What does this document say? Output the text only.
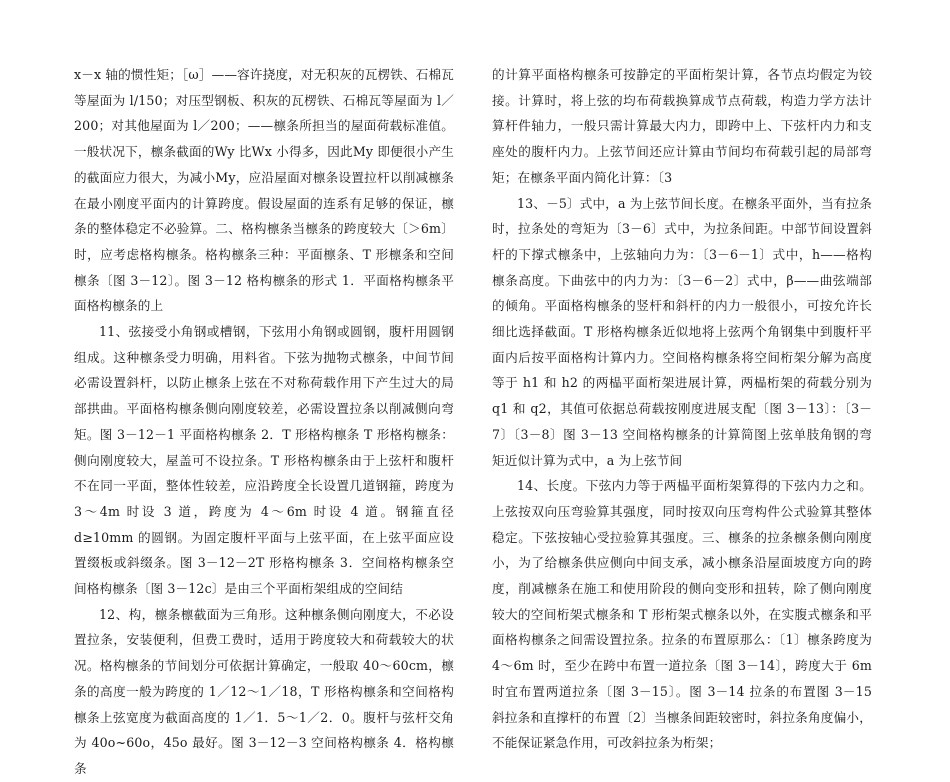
x－x 轴的惯性矩；［ω］——容许挠度，对无积灰的瓦楞铁、石棉瓦等屋面为 l/150；对压型钢板、积灰的瓦楞铁、石棉瓦等屋面为 l／200；对其他屋面为 l／200；——檩条所担当的屋面荷载标准值。一般状况下，檩条截面的Wy 比Wx 小得多，因此My 即便很小产生的截面应力很大，为减小My，应沿屋面对檩条设置拉杆以削减檩条在最小刚度平面内的计算跨度。假设屋面的连系有足够的保证，檩条的整体稳定不必验算。二、格构檩条当檩条的跨度较大〔＞6m〕时，应考虑格构檩条。格构檩条三种：平面檩条、T 形檩条和空间檩条〔图 3－12〕。图 3－12 格构檩条的形式 1．平面格构檩条平面格构檩条的上

11、弦接受小角钢或槽钢，下弦用小角钢或圆钢，腹杆用圆钢组成。这种檩条受力明确，用料省。下弦为抛物式檩条，中间节间必需设置斜杆，以防止檩条上弦在不对称荷载作用下产生过大的局部拱曲。平面格构檩条侧向刚度较差，必需设置拉条以削减侧向弯矩。图 3－12－1 平面格构檩条 2．T 形格构檩条 T 形格构檩条：侧向刚度较大，屋盖可不设拉条。T 形格构檩条由于上弦杆和腹杆不在同一平面，整体性较差，应沿跨度全长设置几道钢箍，跨度为 3～4m 时设 3 道，跨度为 4～6m 时设 4 道。钢箍直径 d≥10mm 的圆钢。为固定腹杆平面与上弦平面，在上弦平面应设置缀板或斜缀条。图 3－12－2T 形格构檩条 3．空间格构檩条空间格构檩条〔图 3－12c〕是由三个平面桁架组成的空间结

12、构，檩条檩截面为三角形。这种檩条侧向刚度大，不必设置拉条，安装便利，但费工费时，适用于跨度较大和荷载较大的状况。格构檩条的节间划分可依据计算确定，一般取 40～60cm，檩条的高度一般为跨度的 1／12～1／18，T 形格构檩条和空间格构檩条上弦宽度为截面高度的 1／1．5～1／2．0。腹杆与弦杆交角为 40o~60o，45o 最好。图 3－12－3 空间格构檩条 4．格构檩条

的计算平面格构檩条可按静定的平面桁架计算，各节点均假定为铰接。计算时，将上弦的均布荷载换算成节点荷载，构造力学方法计算杆件轴力，一般只需计算最大内力，即跨中上、下弦杆内力和支座处的腹杆内力。上弦节间还应计算由节间均布荷载引起的局部弯矩；在檩条平面内简化计算：〔3

13、－5〕式中，a 为上弦节间长度。在檩条平面外，当有拉条时，拉条处的弯矩为〔3－6〕式中，为拉条间距。中部节间设置斜杆的下撑式檩条中，上弦轴向力为：〔3－6－1〕式中，h——格构檩条高度。下曲弦中的内力为：〔3－6－2〕式中，β——曲弦端部的倾角。平面格构檩条的竖杆和斜杆的内力一般很小，可按允许长细比选择截面。T 形格构檩条近似地将上弦两个角钢集中到腹杆平面内后按平面格构计算内力。空间格构檩条将空间桁架分解为高度等于 h1 和 h2 的两榀平面桁架进展计算，两榀桁架的荷载分别为 q1 和 q2，其值可依据总荷载按刚度进展支配〔图 3－13〕：〔3－7〕〔3－8〕图 3－13 空间格构檩条的计算简图上弦单肢角钢的弯矩近似计算为式中，a 为上弦节间

14、长度。下弦内力等于两榀平面桁架算得的下弦内力之和。上弦按双向压弯验算其强度，同时按双向压弯构件公式验算其整体稳定。下弦按轴心受拉验算其强度。三、檩条的拉条檩条侧向刚度小，为了给檩条供应侧向中间支承，减小檩条沿屋面坡度方向的跨度，削减檩条在施工和使用阶段的侧向变形和扭转，除了侧向刚度较大的空间桁架式檩条和 T 形桁架式檩条以外，在实腹式檩条和平面格构檩条之间需设置拉条。拉条的布置原那么：〔1〕檩条跨度为 4～6m 时，至少在跨中布置一道拉条〔图 3－14〕，跨度大于 6m 时宜布置两道拉条〔图 3－15〕。图 3－14 拉条的布置图 3－15 斜拉条和直撑杆的布置〔2〕当檩条间距较密时，斜拉条角度偏小，不能保证紧急作用，可改斜拉条为桁架；
